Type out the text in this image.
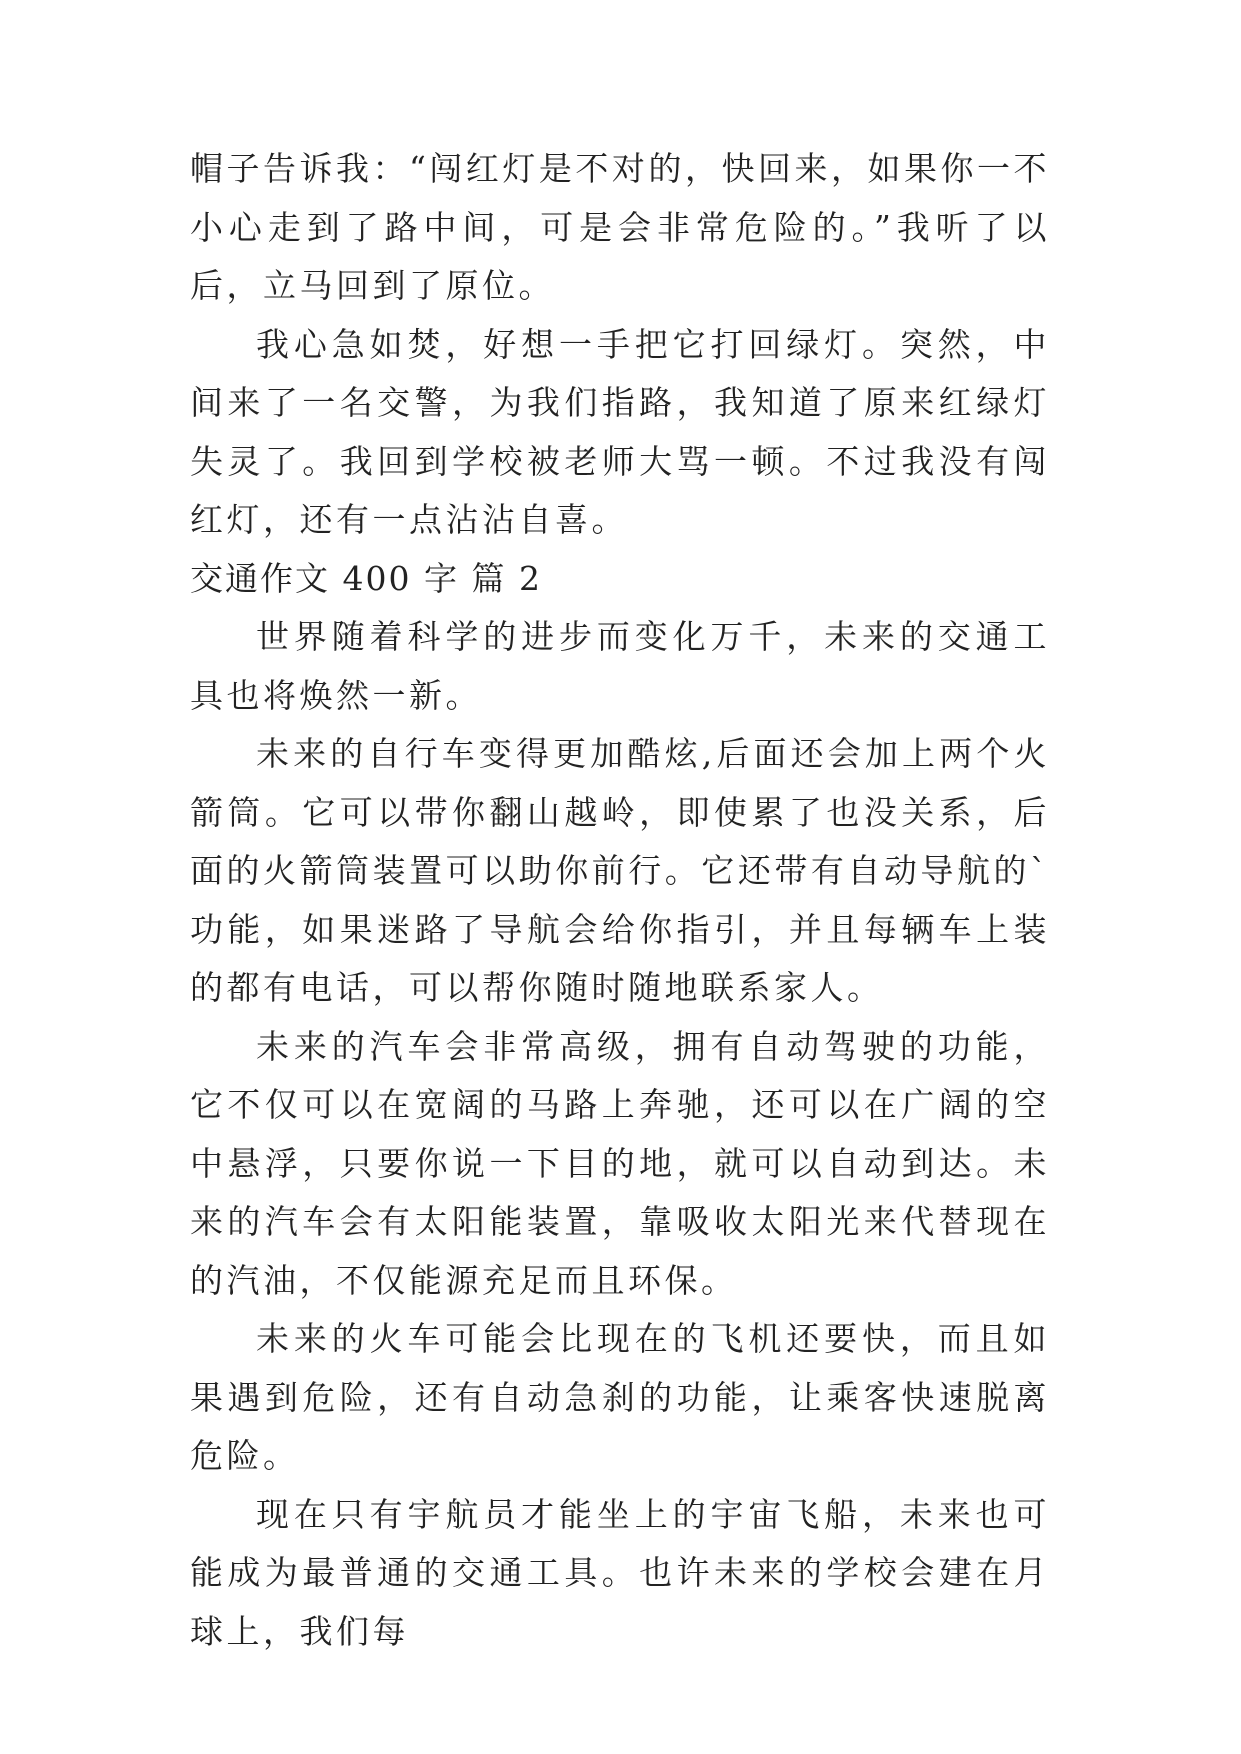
帽子告诉我：“闯红灯是不对的，快回来，如果你一不小心走到了路中间，可是会非常危险的。”我听了以后，立马回到了原位。

我心急如焚，好想一手把它打回绿灯。突然，中间来了一名交警，为我们指路，我知道了原来红绿灯失灵了。我回到学校被老师大骂一顿。不过我没有闯红灯，还有一点沾沾自喜。

交通作文 400 字 篇 2

世界随着科学的进步而变化万千，未来的交通工具也将焕然一新。

未来的自行车变得更加酷炫,后面还会加上两个火箭筒。它可以带你翻山越岭，即使累了也没关系，后面的火箭筒装置可以助你前行。它还带有自动导航的`功能，如果迷路了导航会给你指引，并且每辆车上装的都有电话，可以帮你随时随地联系家人。

未来的汽车会非常高级，拥有自动驾驶的功能，它不仅可以在宽阔的马路上奔驰，还可以在广阔的空中悬浮，只要你说一下目的地，就可以自动到达。未来的汽车会有太阳能装置，靠吸收太阳光来代替现在的汽油，不仅能源充足而且环保。

未来的火车可能会比现在的飞机还要快，而且如果遇到危险，还有自动急刹的功能，让乘客快速脱离危险。

现在只有宇航员才能坐上的宇宙飞船，未来也可能成为最普通的交通工具。也许未来的学校会建在月球上，我们每
